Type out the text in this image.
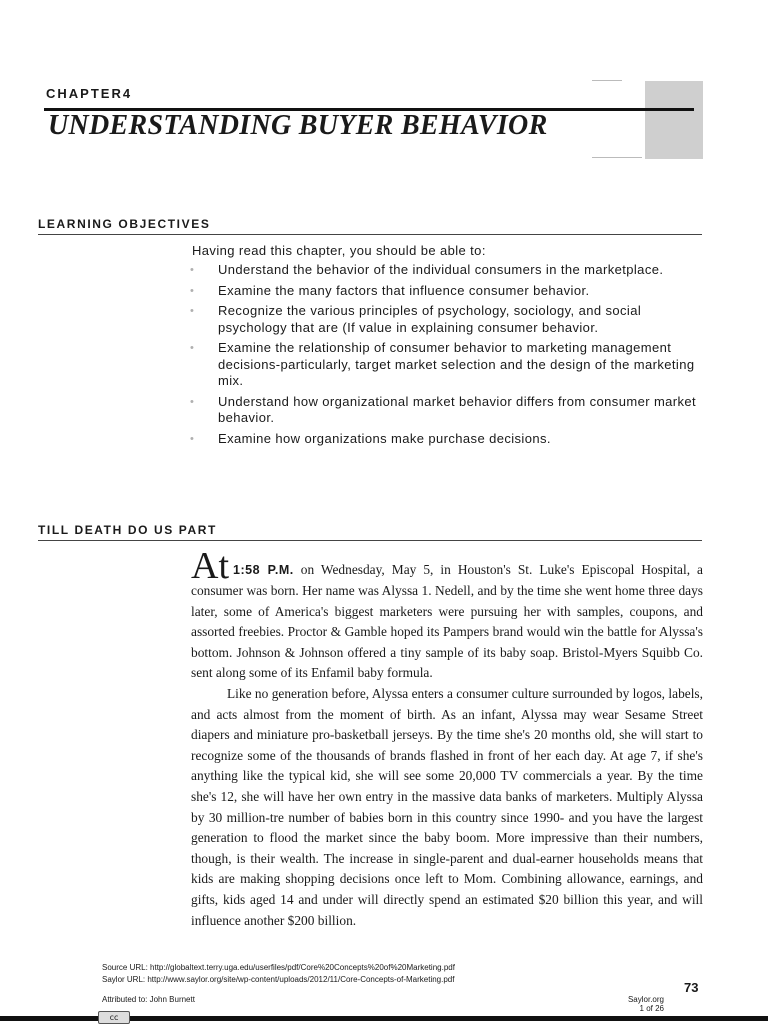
CHAPTER4
UNDERSTANDING BUYER BEHAVIOR
LEARNING OBJECTIVES
Having read this chapter, you should be able to:
• Understand the behavior of the individual consumers in the marketplace.
• Examine the many factors that influence consumer behavior.
• Recognize the various principles of psychology, sociology, and social psychology that are (If value in explaining consumer behavior.
• Examine the relationship of consumer behavior to marketing management decisions-particularly, target market selection and the design of the marketing mix.
• Understand how organizational market behavior differs from consumer market behavior.
• Examine how organizations make purchase decisions.
TILL DEATH DO US PART

At 1:58 P.M. on Wednesday, May 5, in Houston's St. Luke's Episcopal Hospital, a consumer was born. Her name was Alyssa 1. Nedell, and by the time she went home three days later, some of America's biggest marketers were pursuing her with samples, coupons, and assorted freebies. Proctor & Gamble hoped its Pampers brand would win the battle for Alyssa's bottom. Johnson & Johnson offered a tiny sample of its baby soap. Bristol-Myers Squibb Co. sent along some of its Enfamil baby formula.

Like no generation before, Alyssa enters a consumer culture surrounded by logos, labels, and acts almost from the moment of birth. As an infant, Alyssa may wear Sesame Street diapers and miniature pro-basketball jerseys. By the time she's 20 months old, she will start to recognize some of the thousands of brands flashed in front of her each day. At age 7, if she's anything like the typical kid, she will see some 20,000 TV commercials a year. By the time she's 12, she will have her own entry in the massive data banks of marketers. Multiply Alyssa by 30 million-tre number of babies born in this country since 1990- and you have the largest generation to flood the market since the baby boom. More impressive than their numbers, though, is their wealth. The increase in single-parent and dual-earner households means that kids are making shopping decisions once left to Mom. Combining allowance, earnings, and gifts, kids aged 14 and under will directly spend an estimated $20 billion this year, and will influence another $200 billion.

Source URL: http://globaltext.terry.uga.edu/userfiles/pdf/Core%20Concepts%20of%20Marketing.pdf
Saylor URL: http://www.saylor.org/site/wp-content/uploads/2012/11/Core-Concepts-of-Marketing.pdf
Attributed to: John Burnett
73
Saylor.org
1 of 26
cc
